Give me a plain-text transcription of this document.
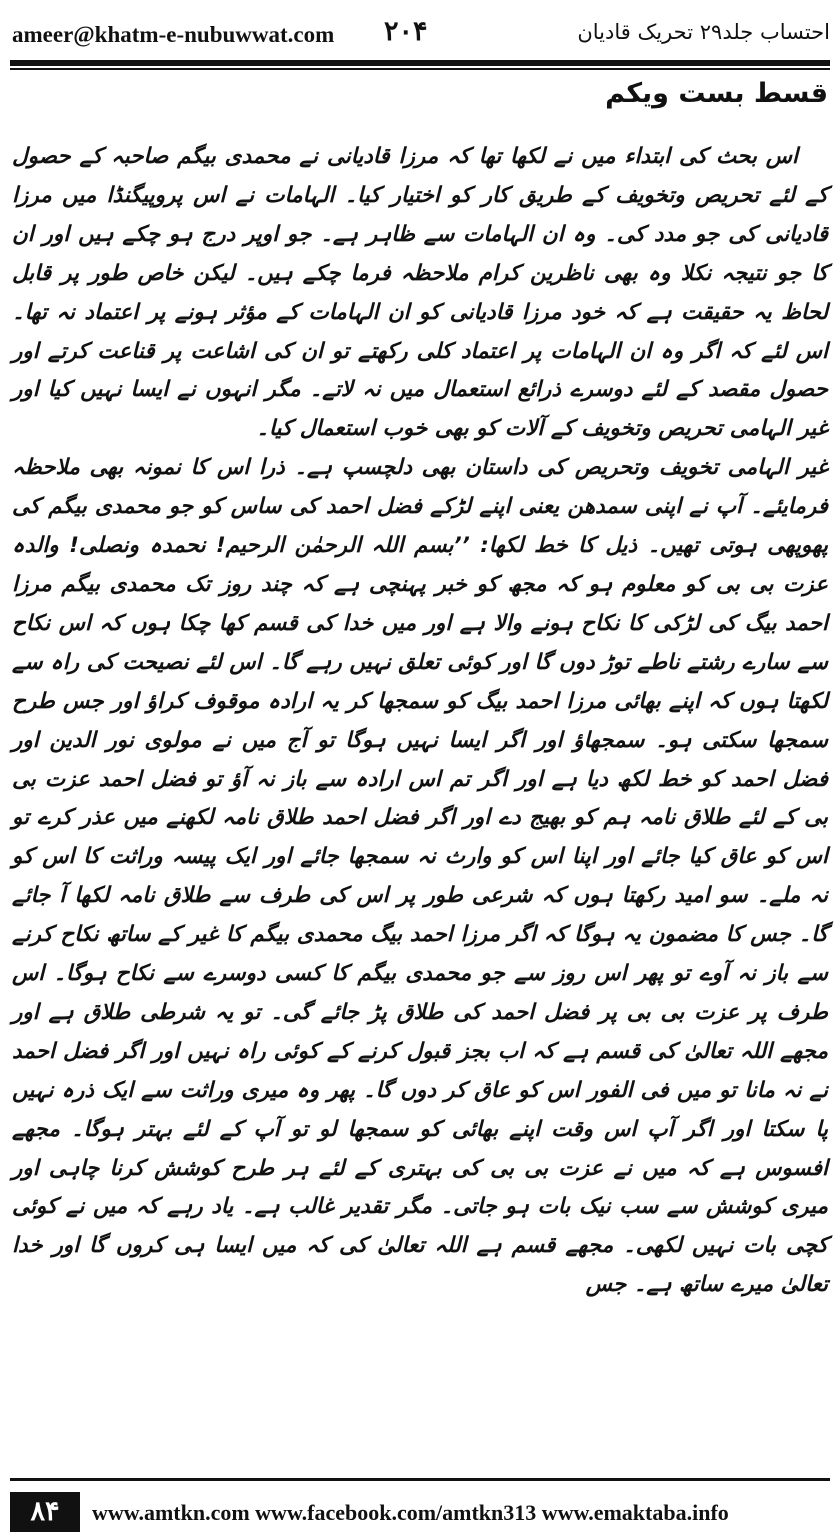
ameer@khatm-e-nubuwwat.com ۲۰۴	احتساب جلد۲۹ تحریک قادیان
قسط بست ویکم

اس بحث کی ابتداء میں نے لکھا تھا کہ مرزا قادیانی نے محمدی بیگم صاحبہ کے حصول کے لئے تحریص وتخویف کے طریق کار کو اختیار کیا۔ الہامات نے اس پروپیگنڈا میں مرزا قادیانی کی جو مدد کی۔ وہ ان الہامات سے ظاہر ہے۔ جو اوپر درج ہو چکے ہیں اور ان کا جو نتیجہ نکلا وہ بھی ناظرین کرام ملاحظہ فرما چکے ہیں۔ لیکن خاص طور پر قابل لحاظ یہ حقیقت ہے کہ خود مرزا قادیانی کو ان الہامات کے مؤثر ہونے پر اعتماد نہ تھا۔ اس لئے کہ اگر وہ ان الہامات پر اعتماد کلی رکھتے تو ان کی اشاعت پر قناعت کرتے اور حصول مقصد کے لئے دوسرے ذرائع استعمال میں نہ لاتے۔ مگر انہوں نے ایسا نہیں کیا اور غیر الہامی تحریص وتخویف کے آلات کو بھی خوب استعمال کیا۔

غیر الہامی تخویف وتحریص کی داستان بھی دلچسپ ہے۔ ذرا اس کا نمونہ بھی ملاحظہ فرمایئے۔ آپ نے اپنی سمدھن یعنی اپنے لڑکے فضل احمد کی ساس کو جو محمدی بیگم کی پھوپھی ہوتی تھیں۔ ذیل کا خط لکھا: ’’بسم اللہ الرحمٰن الرحیم! نحمدہ ونصلی! والدہ عزت بی بی کو معلوم ہو کہ مجھ کو خبر پہنچی ہے کہ چند روز تک محمدی بیگم مرزا احمد بیگ کی لڑکی کا نکاح ہونے والا ہے اور میں خدا کی قسم کھا چکا ہوں کہ اس نکاح سے سارے رشتے ناطے توڑ دوں گا اور کوئی تعلق نہیں رہے گا۔ اس لئے نصیحت کی راہ سے لکھتا ہوں کہ اپنے بھائی مرزا احمد بیگ کو سمجھا کر یہ ارادہ موقوف کراؤ اور جس طرح سمجھا سکتی ہو۔ سمجھاؤ اور اگر ایسا نہیں ہوگا تو آج میں نے مولوی نور الدین اور فضل احمد کو خط لکھ دیا ہے اور اگر تم اس ارادہ سے باز نہ آؤ تو فضل احمد عزت بی بی کے لئے طلاق نامہ ہم کو بھیج دے اور اگر فضل احمد طلاق نامہ لکھنے میں عذر کرے تو اس کو عاق کیا جائے اور اپنا اس کو وارث نہ سمجھا جائے اور ایک پیسہ وراثت کا اس کو نہ ملے۔ سو امید رکھتا ہوں کہ شرعی طور پر اس کی طرف سے طلاق نامہ لکھا آ جائے گا۔ جس کا مضمون یہ ہوگا کہ اگر مرزا احمد بیگ محمدی بیگم کا غیر کے ساتھ نکاح کرنے سے باز نہ آوے تو پھر اس روز سے جو محمدی بیگم کا کسی دوسرے سے نکاح ہوگا۔ اس طرف پر عزت بی بی پر فضل احمد کی طلاق پڑ جائے گی۔ تو یہ شرطی طلاق ہے اور مجھے اللہ تعالیٰ کی قسم ہے کہ اب بجز قبول کرنے کے کوئی راہ نہیں اور اگر فضل احمد نے نہ مانا تو میں فی الفور اس کو عاق کر دوں گا۔ پھر وہ میری وراثت سے ایک ذرہ نہیں پا سکتا اور اگر آپ اس وقت اپنے بھائی کو سمجھا لو تو آپ کے لئے بہتر ہوگا۔ مجھے افسوس ہے کہ میں نے عزت بی بی کی بہتری کے لئے ہر طرح کوشش کرنا چاہی اور میری کوشش سے سب نیک بات ہو جاتی۔ مگر تقدیر غالب ہے۔ یاد رہے کہ میں نے کوئی کچی بات نہیں لکھی۔ مجھے قسم ہے اللہ تعالیٰ کی کہ میں ایسا ہی کروں گا اور خدا تعالیٰ میرے ساتھ ہے۔ جس

۸۴	www.amtkn.com www.facebook.com/amtkn313 www.emaktaba.info
